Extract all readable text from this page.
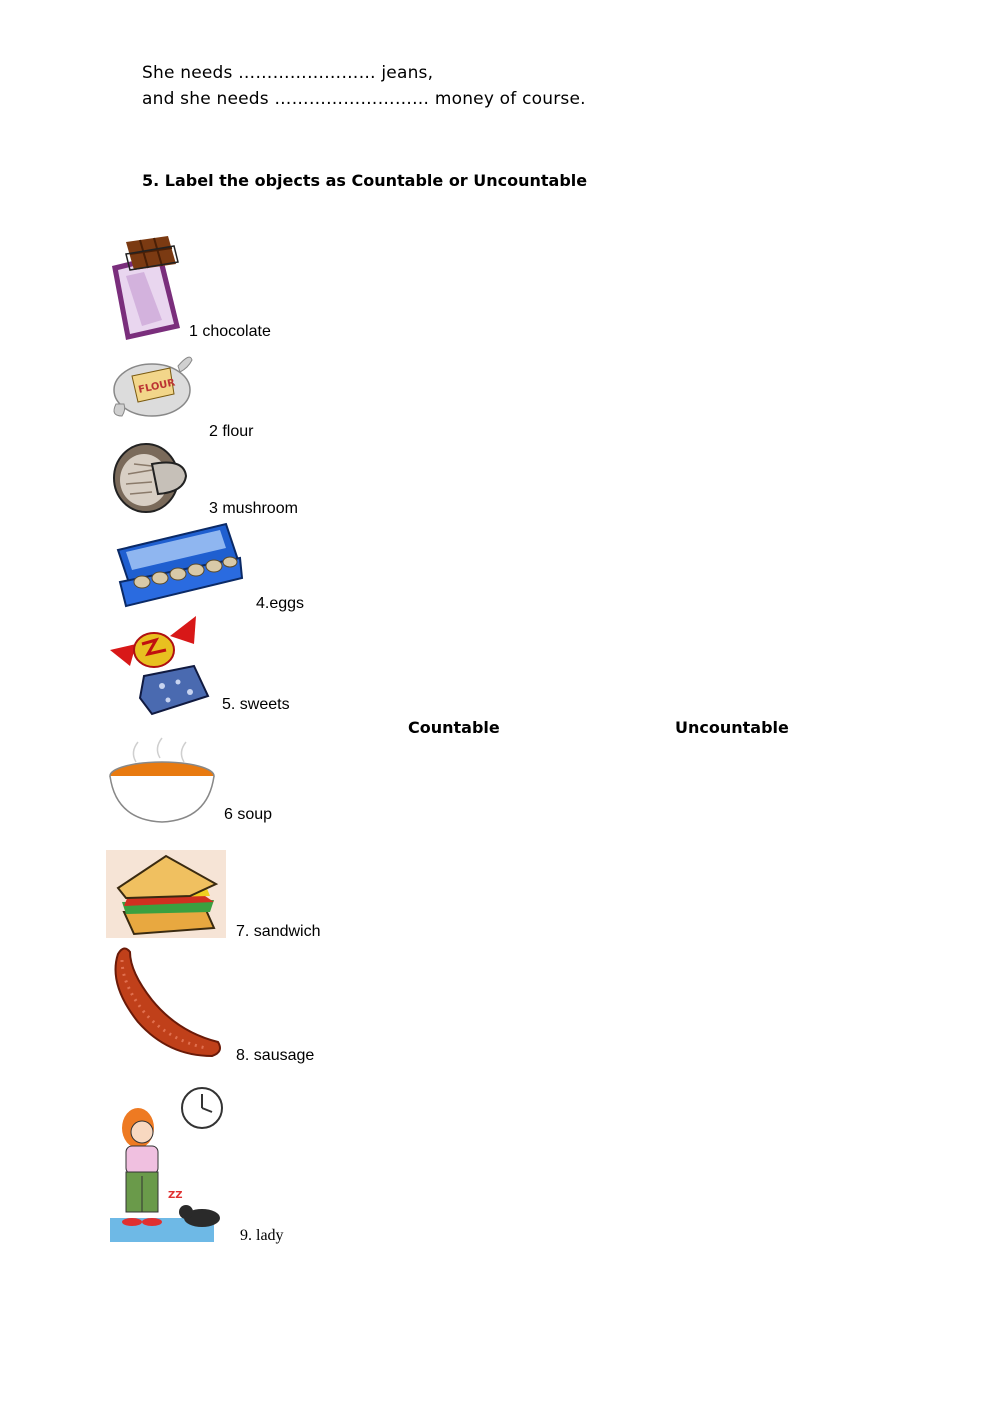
She needs …………………… jeans,
and she needs ……………………… money of course.
5. Label the objects as Countable or Uncountable
1 chocolate
FLOUR
2 flour
3 mushroom
4.eggs
5. sweets
Countable	Uncountable
6 soup
7. sandwich
8. sausage
ZZ
9. lady
